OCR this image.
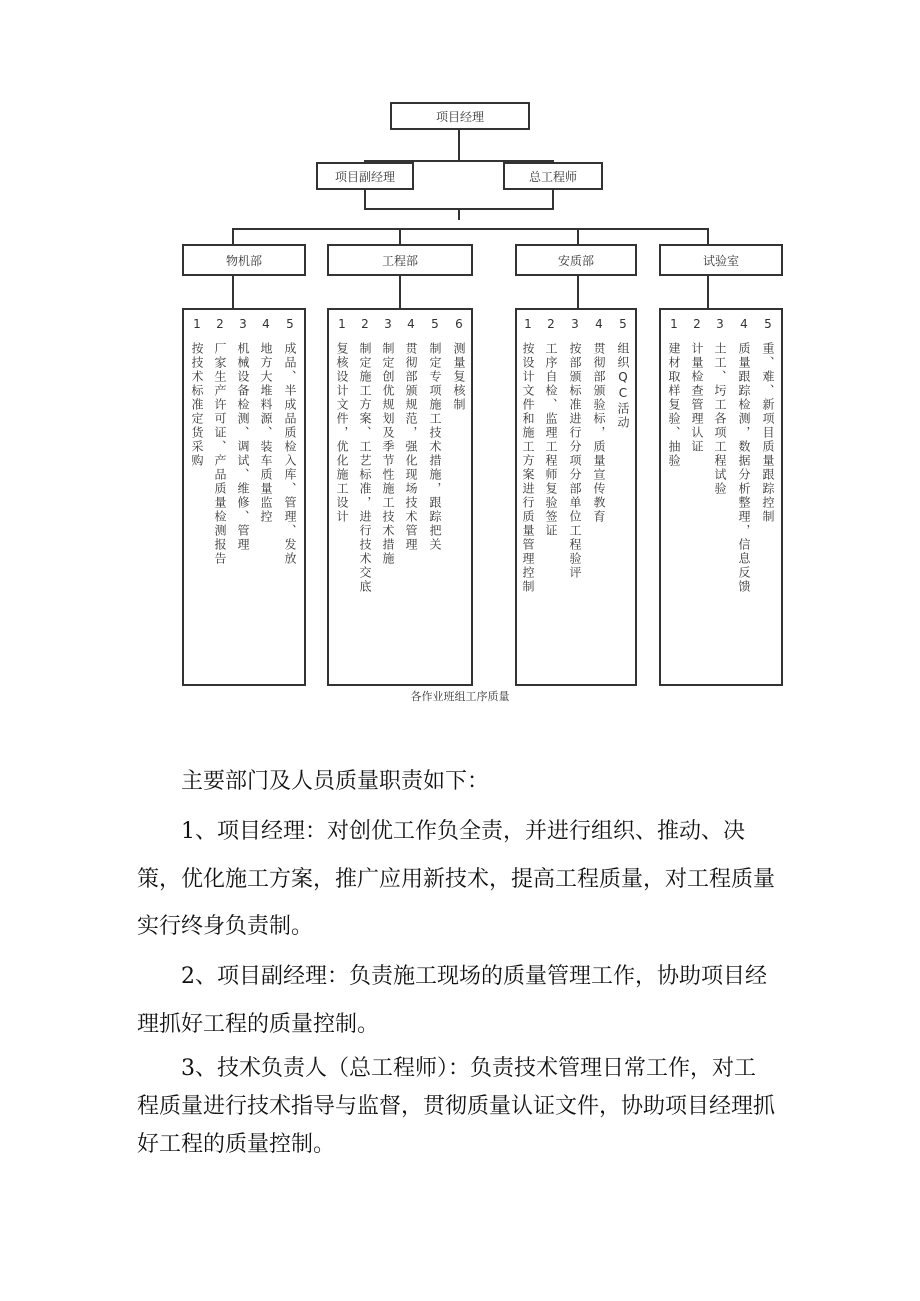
项目经理
项目副经理	总工程师
物机部	工程部	安质部	试验室
1
按技术标准定货采购
2
厂家生产许可证、产品质量检测报告
3
机械设备检测、调试、维修、管理
4
地方大堆料源、装车质量监控
5
成品、半成品质检入库、管理、发放
1
复核设计文件，优化施工设计
2
制定施工方案、工艺标准，进行技术交底
3
制定创优规划及季节性施工技术措施
4
贯彻部颁规范，强化现场技术管理
5
制定专项施工技术措施，跟踪把关
6
测量复核制
1
按设计文件和施工方案进行质量管理控制
2
工序自检、监理工程师复验签证
3
按部颁标准进行分项分部单位工程验评
4
贯彻部颁验标，质量宣传教育
5
组织QC活动
1
建材取样复验、抽验
2
计量检查管理认证
3
土工、圬工各项工程试验
4
质量跟踪检测，数据分析整理，信息反馈
5
重、难、新项目质量跟踪控制
各作业班组工序质量

主要部门及人员质量职责如下：

1、项目经理：对创优工作负全责，并进行组织、推动、决策，优化施工方案，推广应用新技术，提高工程质量，对工程质量实行终身负责制。

2、项目副经理：负责施工现场的质量管理工作，协助项目经理抓好工程的质量控制。

3、技术负责人（总工程师）：负责技术管理日常工作，对工程质量进行技术指导与监督，贯彻质量认证文件，协助项目经理抓好工程的质量控制。
